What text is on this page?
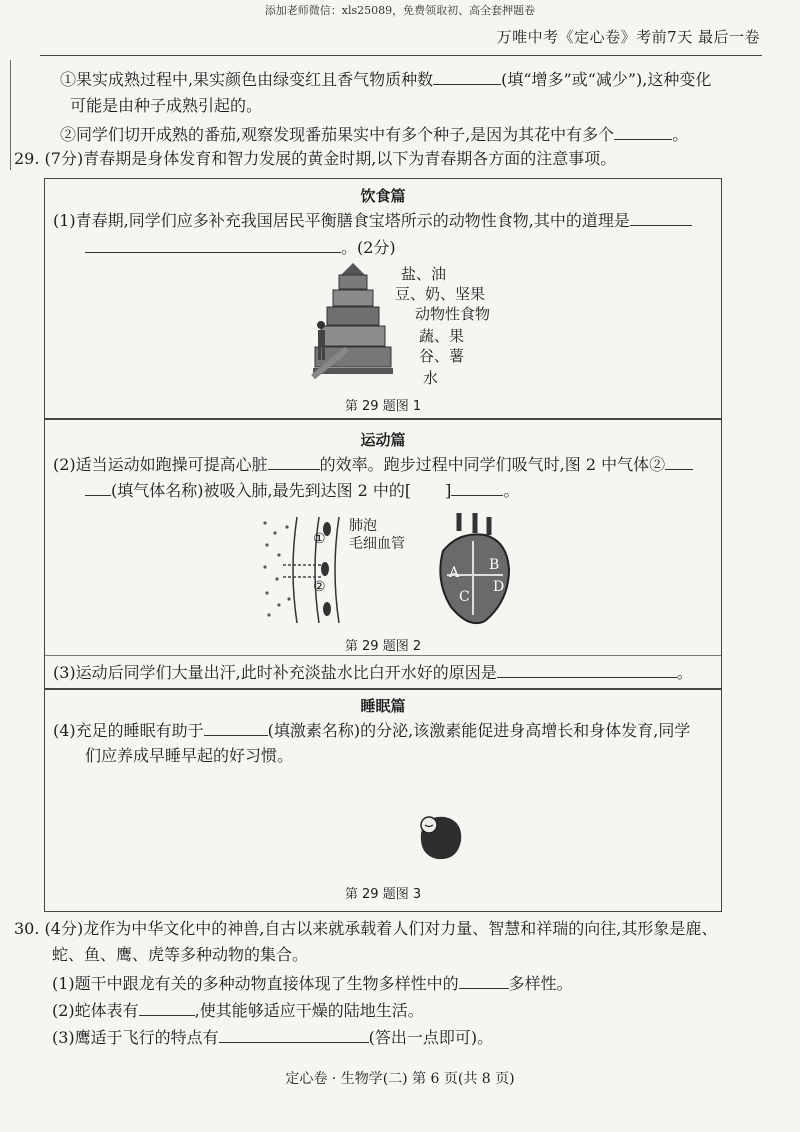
添加老师微信：xls25089，免费领取初、高全套押题卷
万唯中考《定心卷》考前7天 最后一卷
①果实成熟过程中,果实颜色由绿变红且香气物质种数	(填“增多”或“减少”),这种变化
可能是由种子成熟引起的。
②同学们切开成熟的番茄,观察发现番茄果实中有多个种子,是因为其花中有多个	。
29. (7分)青春期是身体发育和智力发展的黄金时期,以下为青春期各方面的注意事项。
饮食篇
(1)青春期,同学们应多补充我国居民平衡膳食宝塔所示的动物性食物,其中的道理是
。(2分)
盐、油
豆、奶、坚果
动物性食物
蔬、果
谷、薯
水
第 29 题图 1
运动篇
(2)适当运动如跑操可提高心脏	的效率。跑步过程中同学们吸气时,图 2 中气体②
(填气体名称)被吸入肺,最先到达图 2 中的[ ]	。
①
②
肺泡
毛细血管
A B
C
D
第 29 题图 2
(3)运动后同学们大量出汗,此时补充淡盐水比白开水好的原因是	。
睡眠篇
(4)充足的睡眠有助于	(填激素名称)的分泌,该激素能促进身高增长和身体发育,同学
们应养成早睡早起的好习惯。
第 29 题图 3
30. (4分)龙作为中华文化中的神兽,自古以来就承载着人们对力量、智慧和祥瑞的向往,其形象是鹿、
蛇、鱼、鹰、虎等多种动物的集合。
(1)题干中跟龙有关的多种动物直接体现了生物多样性中的	多样性。
(2)蛇体表有	,使其能够适应干燥的陆地生活。
(3)鹰适于飞行的特点有	(答出一点即可)。
定心卷 · 生物学(二) 第 6 页(共 8 页)
